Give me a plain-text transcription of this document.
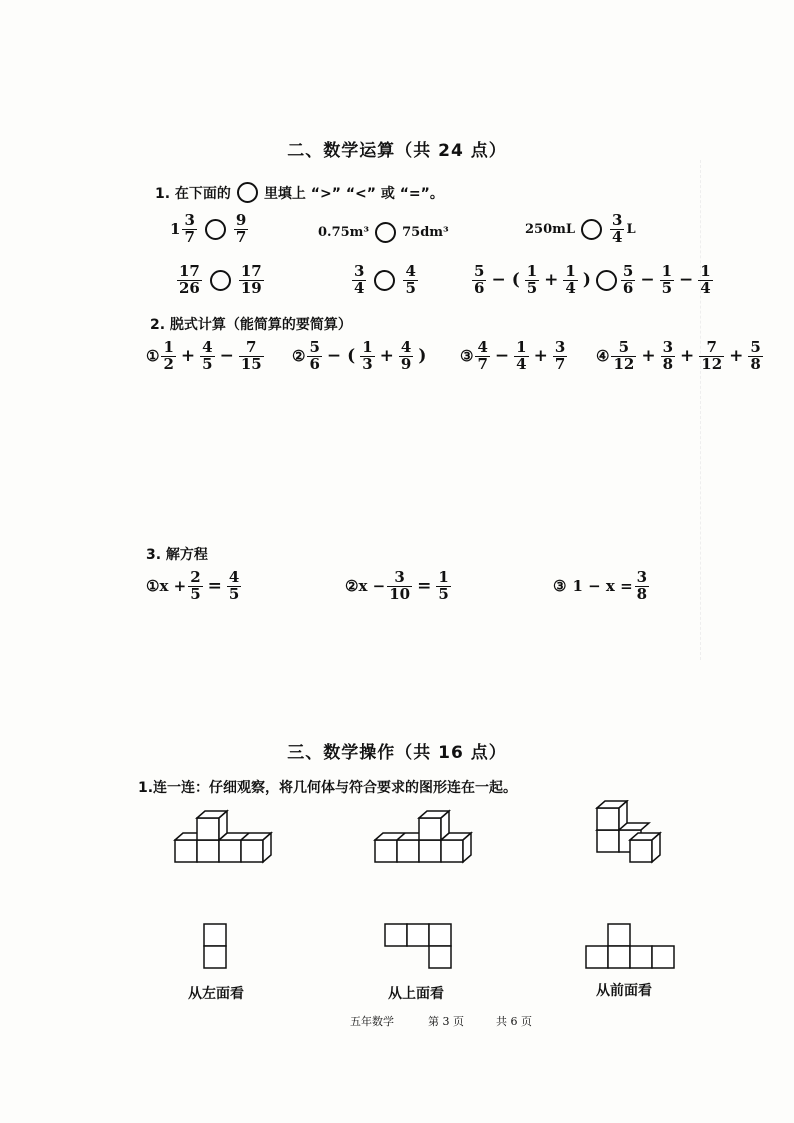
二、数学运算（共 24 点）
1. 在下面的 里填上 “>” “<” 或 “=”。
$1 \frac{3}{7} \frac{9}{7}$	0.75m³	75dm³	$250mL \frac{3}{4}$ L
$\frac{17}{26} \frac{17}{19}$	$\frac{3}{4} \frac{4}{5}$	$\frac{5}{6}$ − ( $\frac{1}{5} + \frac{1}{4}$ ) $\frac{5}{6} - \frac{1}{5} - \frac{1}{4}$
2. 脱式计算（能简算的要简算）
① $\frac{1}{2} + \frac{4}{5} - \frac{7}{15}$ ② $\frac{5}{6}$ − ( $\frac{1}{3} + \frac{4}{9}$ ) ③ $\frac{4}{7} - \frac{1}{4} + \frac{3}{7}$ ④ $\frac{5}{12} + \frac{3}{8} + \frac{7}{12} + \frac{5}{8}$
3. 解方程
① $x + \frac{2}{5} = \frac{4}{5}$	② $x - \frac{3}{10} = \frac{1}{5}$	③ $1 - x = \frac{3}{8}$
三、数学操作（共 16 点）
1.连一连：仔细观察，将几何体与符合要求的图形连在一起。
从左面看	从上面看	从前面看
五年数学	第 3 页	共 6 页
